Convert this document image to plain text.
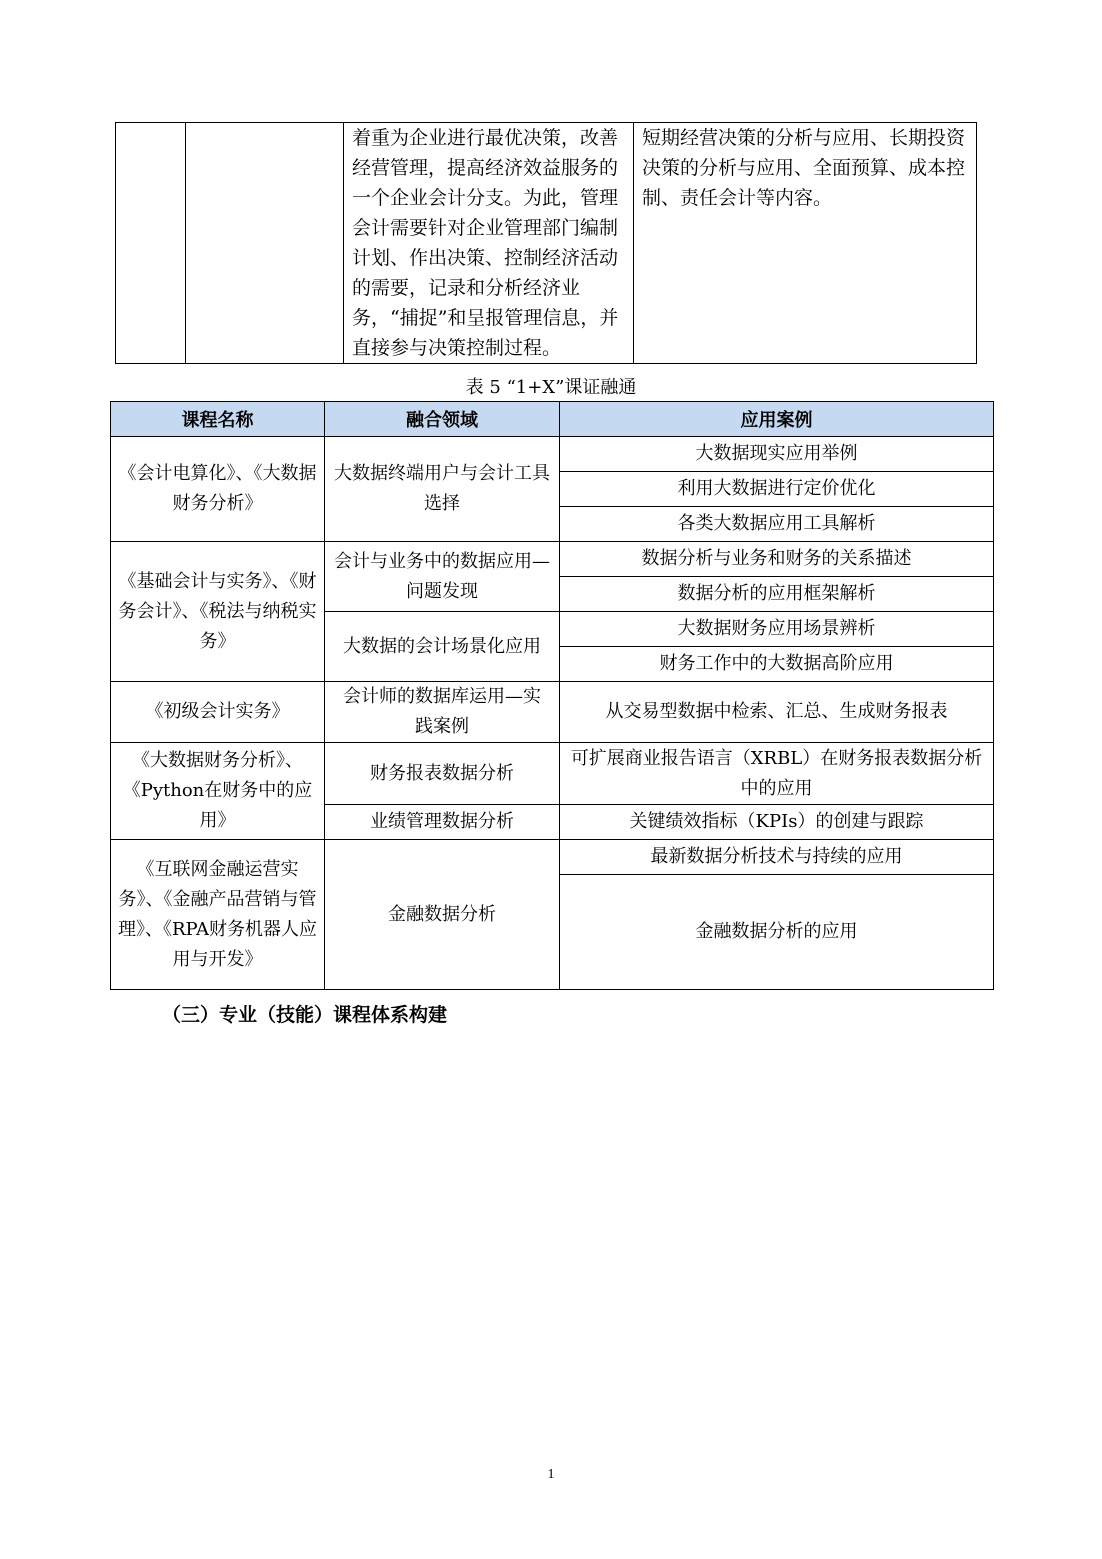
		着重为企业进行最优决策，改善经营管理，提高经济效益服务的一个企业会计分支。为此，管理会计需要针对企业管理部门编制计划、作出决策、控制经济活动的需要，记录和分析经济业务，“捕捉”和呈报管理信息，并直接参与决策控制过程。	短期经营决策的分析与应用、长期投资决策的分析与应用、全面预算、成本控制、责任会计等内容。
表 5 “1+X”课证融通
课程名称	融合领域	应用案例
《会计电算化》、《大数据财务分析》	大数据终端用户与会计工具选择	大数据现实应用举例
		利用大数据进行定价优化
		各类大数据应用工具解析
《基础会计与实务》、《财务会计》、《税法与纳税实务》	会计与业务中的数据应用—问题发现	数据分析与业务和财务的关系描述
		数据分析的应用框架解析
	大数据的会计场景化应用	大数据财务应用场景辨析
		财务工作中的大数据高阶应用
《初级会计实务》	会计师的数据库运用—实践案例	从交易型数据中检索、汇总、生成财务报表
《大数据财务分析》、《Python在财务中的应用》	财务报表数据分析	可扩展商业报告语言（XRBL）在财务报表数据分析中的应用
	业绩管理数据分析	关键绩效指标（KPIs）的创建与跟踪
《互联网金融运营实务》、《金融产品营销与管理》、《RPA财务机器人应用与开发》	金融数据分析	最新数据分析技术与持续的应用
		金融数据分析的应用
（三）专业（技能）课程体系构建
1
